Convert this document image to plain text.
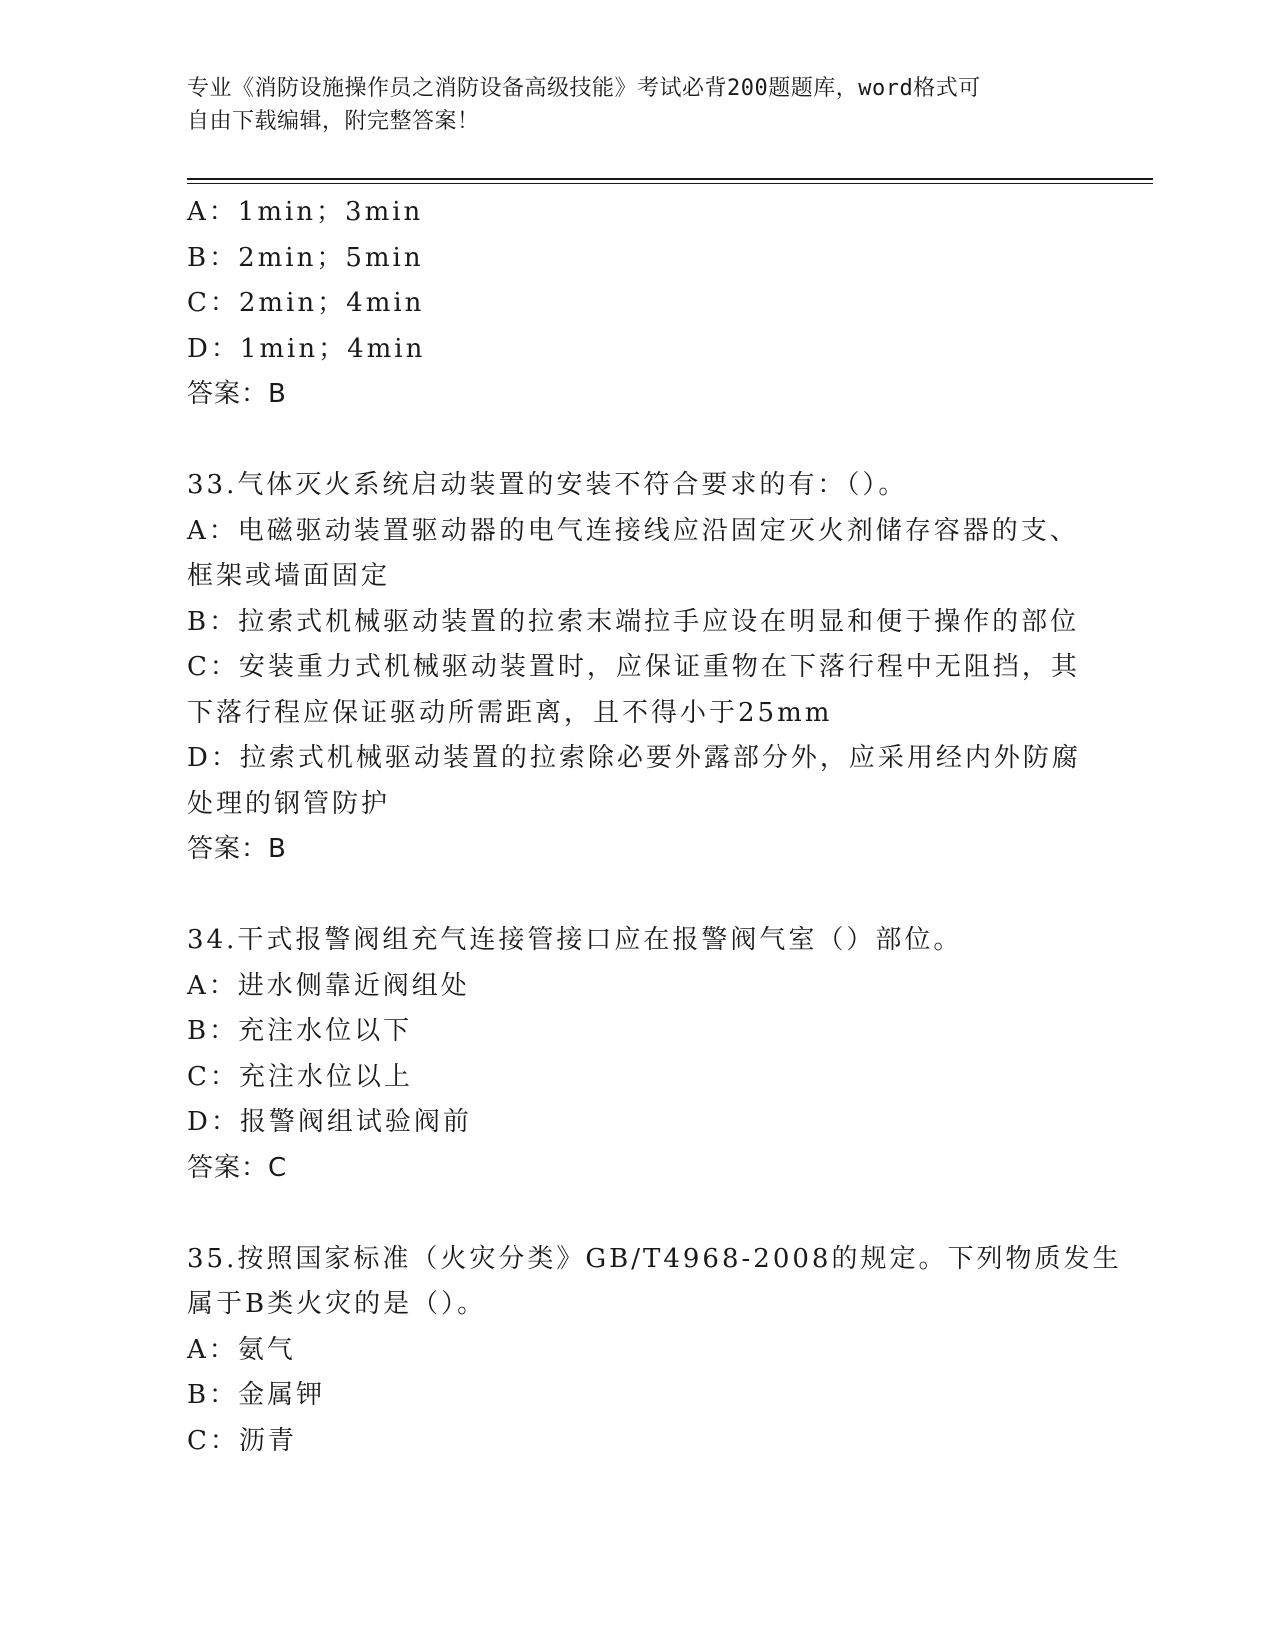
专业《消防设施操作员之消防设备高级技能》考试必背200题题库，word格式可
自由下载编辑，附完整答案！
A：1min；3min
B：2min；5min
C：2min；4min
D：1min；4min
答案：B
33.气体灭火系统启动装置的安装不符合要求的有：（）。
A：电磁驱动装置驱动器的电气连接线应沿固定灭火剂储存容器的支、
框架或墙面固定
B：拉索式机械驱动装置的拉索末端拉手应设在明显和便于操作的部位
C：安装重力式机械驱动装置时，应保证重物在下落行程中无阻挡，其
下落行程应保证驱动所需距离，且不得小于25mm
D：拉索式机械驱动装置的拉索除必要外露部分外，应采用经内外防腐
处理的钢管防护
答案：B
34.干式报警阀组充气连接管接口应在报警阀气室（）部位。
A：进水侧靠近阀组处
B：充注水位以下
C：充注水位以上
D：报警阀组试验阀前
答案：C
35.按照国家标准（火灾分类》GB/T4968-2008的规定。下列物质发生
属于B类火灾的是（）。
A：氨气
B：金属钾
C：沥青
